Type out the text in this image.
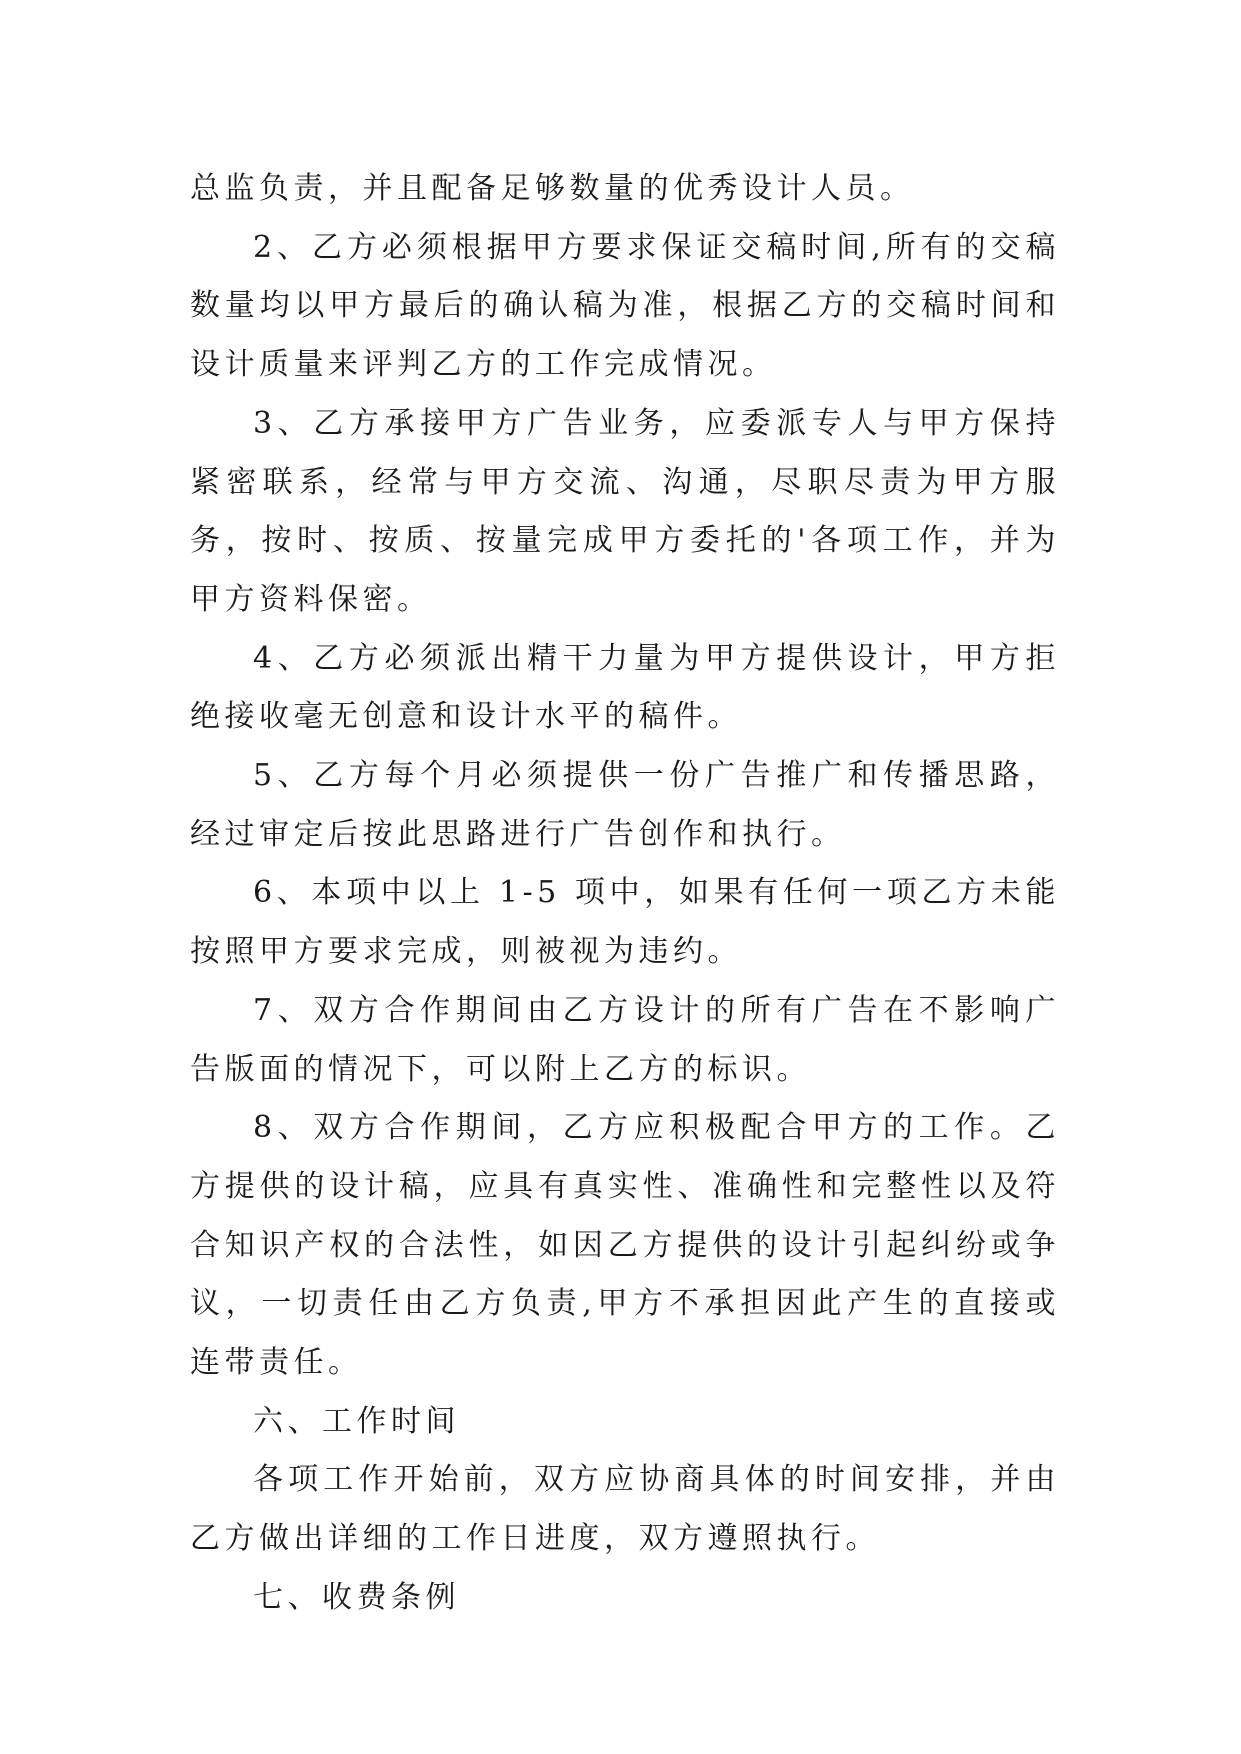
总监负责，并且配备足够数量的优秀设计人员。

2、乙方必须根据甲方要求保证交稿时间,所有的交稿数量均以甲方最后的确认稿为准，根据乙方的交稿时间和设计质量来评判乙方的工作完成情况。

3、乙方承接甲方广告业务，应委派专人与甲方保持紧密联系，经常与甲方交流、沟通，尽职尽责为甲方服务，按时、按质、按量完成甲方委托的'各项工作，并为甲方资料保密。

4、乙方必须派出精干力量为甲方提供设计，甲方拒绝接收毫无创意和设计水平的稿件。

5、乙方每个月必须提供一份广告推广和传播思路，经过审定后按此思路进行广告创作和执行。

6、本项中以上 1-5 项中，如果有任何一项乙方未能按照甲方要求完成，则被视为违约。

7、双方合作期间由乙方设计的所有广告在不影响广告版面的情况下，可以附上乙方的标识。

8、双方合作期间，乙方应积极配合甲方的工作。乙方提供的设计稿，应具有真实性、准确性和完整性以及符合知识产权的合法性，如因乙方提供的设计引起纠纷或争议，一切责任由乙方负责,甲方不承担因此产生的直接或连带责任。

六、工作时间

各项工作开始前，双方应协商具体的时间安排，并由乙方做出详细的工作日进度，双方遵照执行。

七、收费条例
